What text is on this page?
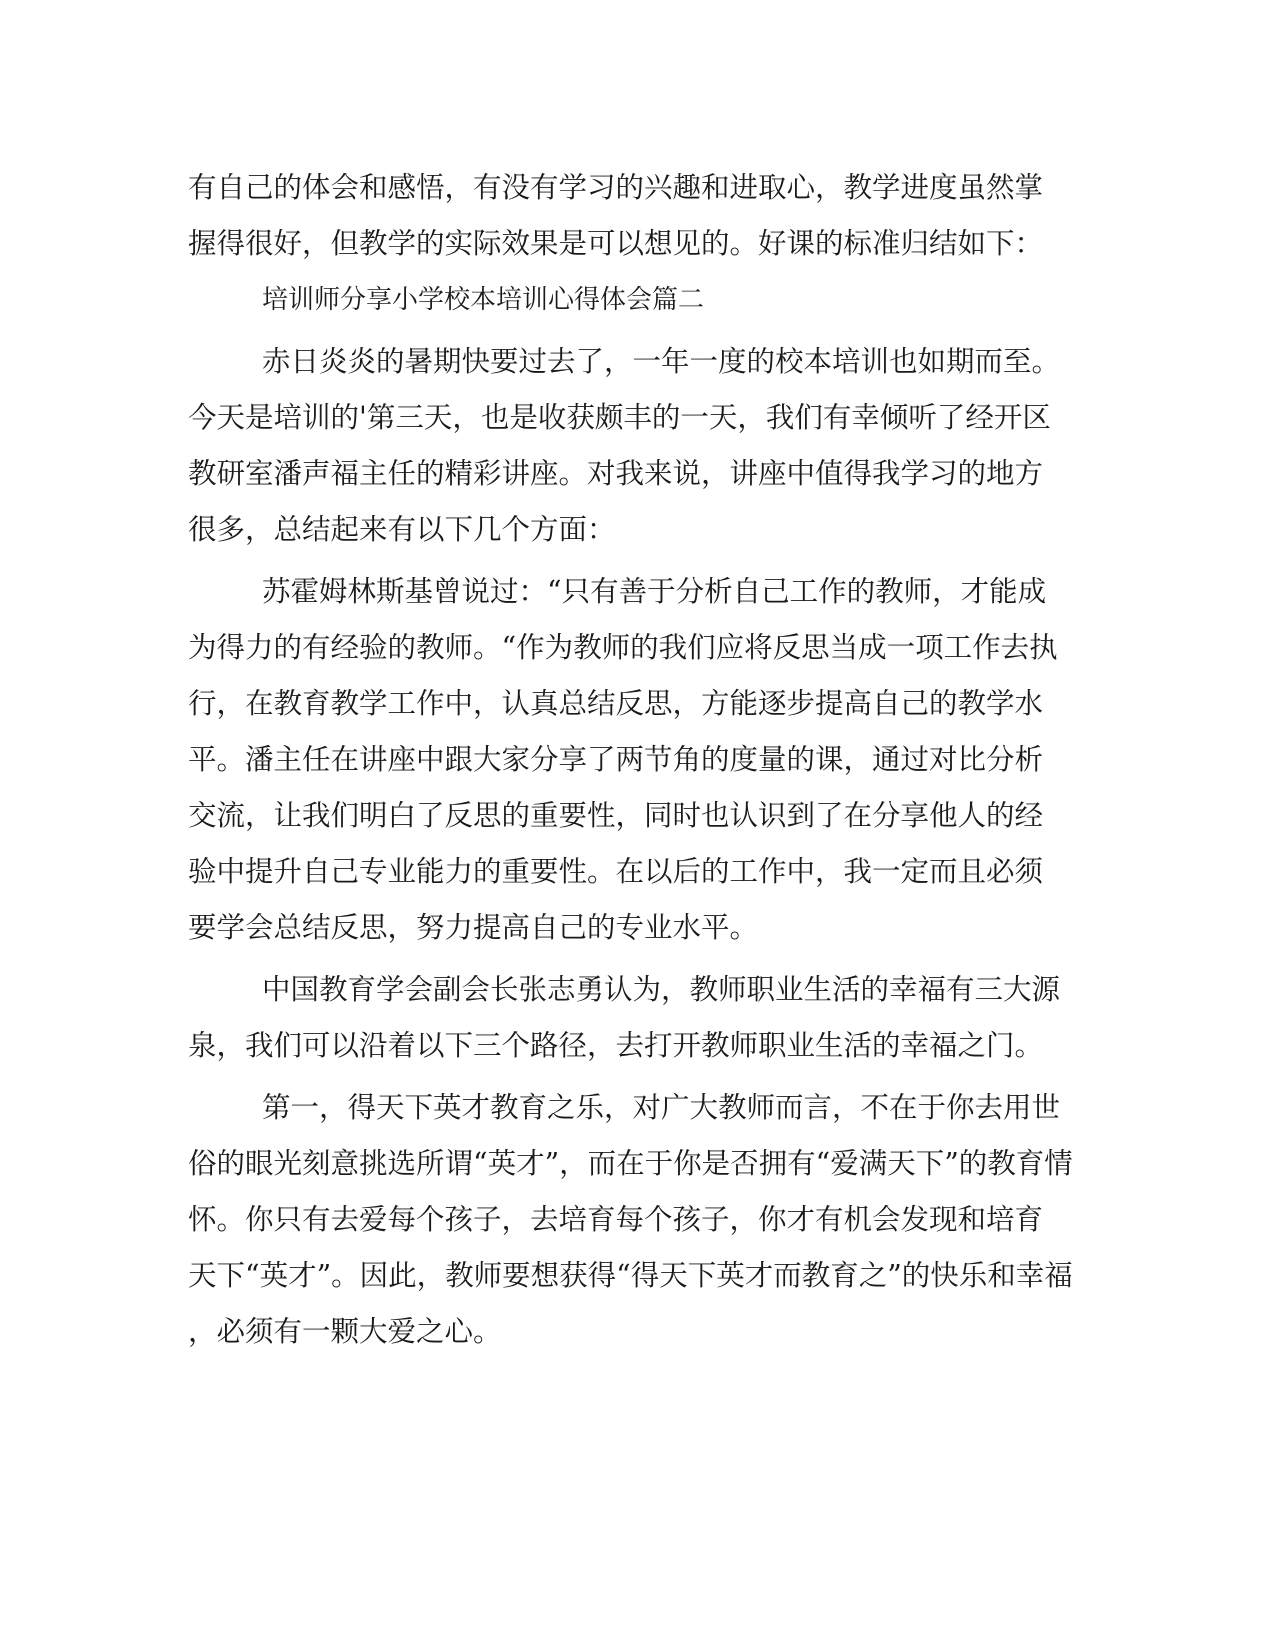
有自己的体会和感悟，有没有学习的兴趣和进取心，教学进度虽然掌
握得很好，但教学的实际效果是可以想见的。好课的标准归结如下：
培训师分享小学校本培训心得体会篇二
赤日炎炎的暑期快要过去了，一年一度的校本培训也如期而至。
今天是培训的'第三天，也是收获颇丰的一天，我们有幸倾听了经开区
教研室潘声福主任的精彩讲座。对我来说，讲座中值得我学习的地方
很多，总结起来有以下几个方面：
苏霍姆林斯基曾说过：“只有善于分析自己工作的教师，才能成
为得力的有经验的教师。“作为教师的我们应将反思当成一项工作去执
行，在教育教学工作中，认真总结反思，方能逐步提高自己的教学水
平。潘主任在讲座中跟大家分享了两节角的度量的课，通过对比分析
交流，让我们明白了反思的重要性，同时也认识到了在分享他人的经
验中提升自己专业能力的重要性。在以后的工作中，我一定而且必须
要学会总结反思，努力提高自己的专业水平。
中国教育学会副会长张志勇认为，教师职业生活的幸福有三大源
泉，我们可以沿着以下三个路径，去打开教师职业生活的幸福之门。
第一，得天下英才教育之乐，对广大教师而言，不在于你去用世
俗的眼光刻意挑选所谓“英才”，而在于你是否拥有“爱满天下”的教育情
怀。你只有去爱每个孩子，去培育每个孩子，你才有机会发现和培育
天下“英才”。因此，教师要想获得“得天下英才而教育之”的快乐和幸福
，必须有一颗大爱之心。
